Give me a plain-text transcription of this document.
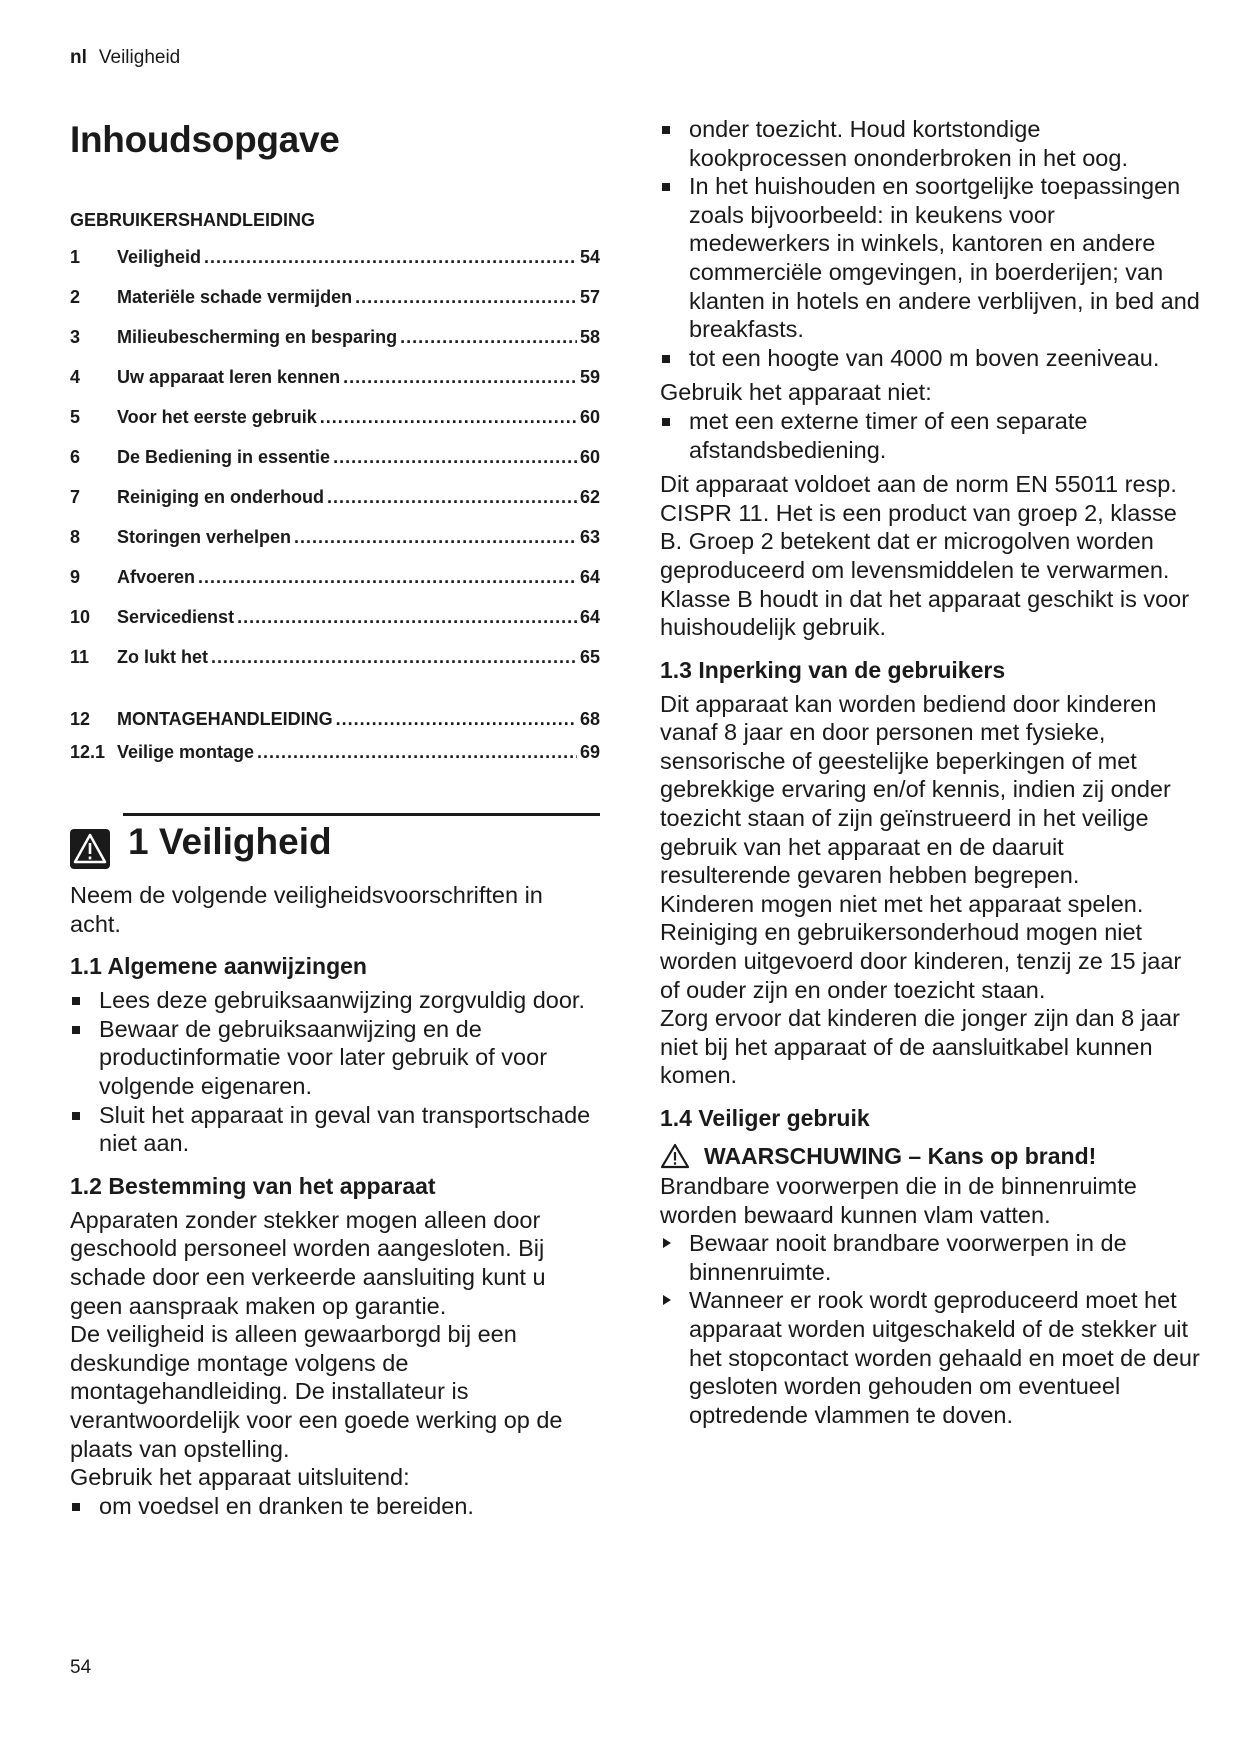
nl Veiligheid
Inhoudsopgave
GEBRUIKERSHANDLEIDING
1	Veiligheid .....	54
2	Materiële schade vermijden .....	57
3	Milieubescherming en besparing .....	58
4	Uw apparaat leren kennen .....	59
5	Voor het eerste gebruik .....	60
6	De Bediening in essentie .....	60
7	Reiniging en onderhoud .....	62
8	Storingen verhelpen .....	63
9	Afvoeren .....	64
10	Servicedienst .....	64
11	Zo lukt het .....	65
12	MONTAGEHANDLEIDING .....	68
12.1 Veilige montage .....	69
1 Veiligheid

Neem de volgende veiligheidsvoorschriften in acht.

1.1 Algemene aanwijzingen
Lees deze gebruiksaanwijzing zorgvuldig door.
Bewaar de gebruiksaanwijzing en de productinformatie voor later gebruik of voor volgende eigenaren.
Sluit het apparaat in geval van transportschade niet aan.
1.2 Bestemming van het apparaat

Apparaten zonder stekker mogen alleen door geschoold personeel worden aangesloten. Bij schade door een verkeerde aansluiting kunt u geen aanspraak maken op garantie.

De veiligheid is alleen gewaarborgd bij een deskundige montage volgens de montagehandleiding. De installateur is verantwoordelijk voor een goede werking op de plaats van opstelling.

Gebruik het apparaat uitsluitend:

om voedsel en dranken te bereiden.
onder toezicht. Houd kortstondige kookprocessen ononderbroken in het oog.
In het huishouden en soortgelijke toepassingen zoals bijvoorbeeld: in keukens voor medewerkers in winkels, kantoren en andere commerciële omgevingen, in boerderijen; van klanten in hotels en andere verblijven, in bed and breakfasts.
tot een hoogte van 4000 m boven zeeniveau.

Gebruik het apparaat niet:

met een externe timer of een separate afstandsbediening.

Dit apparaat voldoet aan de norm EN 55011 resp. CISPR 11. Het is een product van groep 2, klasse B. Groep 2 betekent dat er microgolven worden geproduceerd om levensmiddelen te verwarmen. Klasse B houdt in dat het apparaat geschikt is voor huishoudelijk gebruik.

1.3 Inperking van de gebruikers

Dit apparaat kan worden bediend door kinderen vanaf 8 jaar en door personen met fysieke, sensorische of geestelijke beperkingen of met gebrekkige ervaring en/of kennis, indien zij onder toezicht staan of zijn geïnstrueerd in het veilige gebruik van het apparaat en de daaruit resulterende gevaren hebben begrepen.

Kinderen mogen niet met het apparaat spelen.

Reiniging en gebruikersonderhoud mogen niet worden uitgevoerd door kinderen, tenzij ze 15 jaar of ouder zijn en onder toezicht staan.

Zorg ervoor dat kinderen die jonger zijn dan 8 jaar niet bij het apparaat of de aansluitkabel kunnen komen.

1.4 Veiliger gebruik
WAARSCHUWING – Kans op brand!

Brandbare voorwerpen die in de binnenruimte worden bewaard kunnen vlam vatten.

Bewaar nooit brandbare voorwerpen in de binnenruimte.
Wanneer er rook wordt geproduceerd moet het apparaat worden uitgeschakeld of de stekker uit het stopcontact worden gehaald en moet de deur gesloten worden gehouden om eventueel optredende vlammen te doven.
54
